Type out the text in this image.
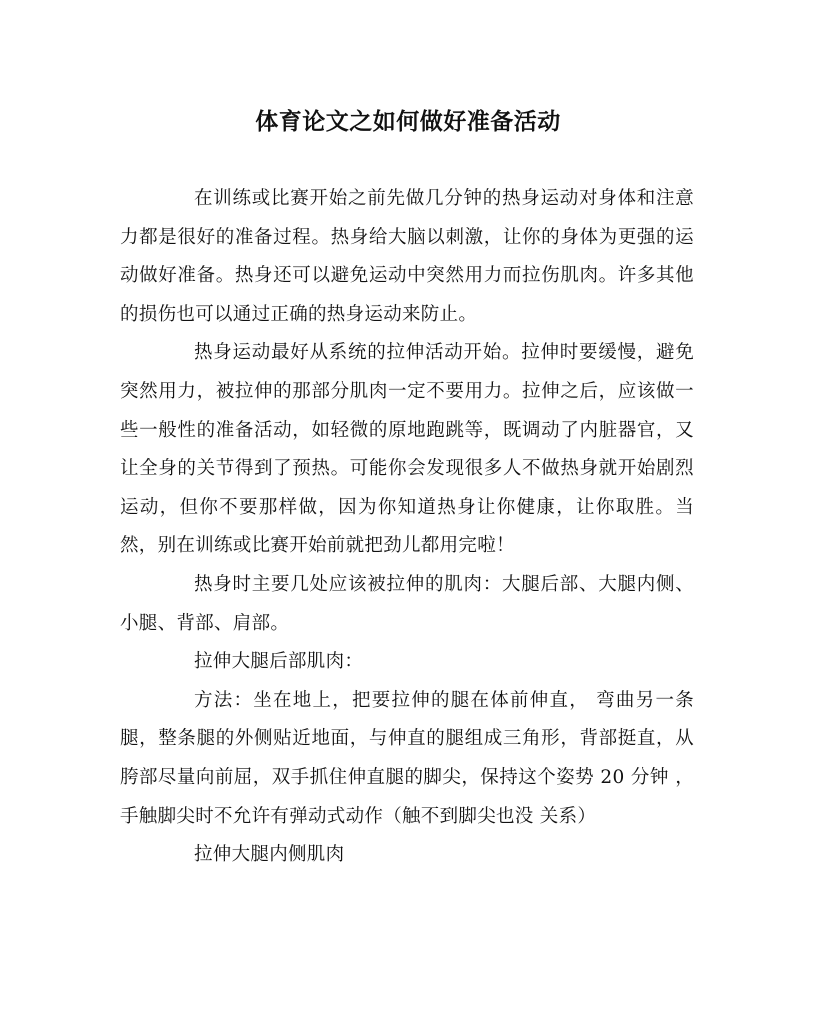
体育论文之如何做好准备活动

在训练或比赛开始之前先做几分钟的热身运动对身体和注意力都是很好的准备过程。热身给大脑以刺激，让你的身体为更强的运动做好准备。热身还可以避免运动中突然用力而拉伤肌肉。许多其他的损伤也可以通过正确的热身运动来防止。

热身运动最好从系统的拉伸活动开始。拉伸时要缓慢，避免突然用力，被拉伸的那部分肌肉一定不要用力。拉伸之后，应该做一些一般性的准备活动，如轻微的原地跑跳等，既调动了内脏器官，又让全身的关节得到了预热。可能你会发现很多人不做热身就开始剧烈运动，但你不要那样做，因为你知道热身让你健康，让你取胜。当然，别在训练或比赛开始前就把劲儿都用完啦！

热身时主要几处应该被拉伸的肌肉：大腿后部、大腿内侧、小腿、背部、肩部。

拉伸大腿后部肌肉：

方法：坐在地上，把要拉伸的腿在体前伸直， 弯曲另一条腿，整条腿的外侧贴近地面，与伸直的腿组成三角形，背部挺直，从胯部尽量向前屈，双手抓住伸直腿的脚尖，保持这个姿势 20 分钟 ，手触脚尖时不允许有弹动式动作（触不到脚尖也没 关系）

拉伸大腿内侧肌肉
